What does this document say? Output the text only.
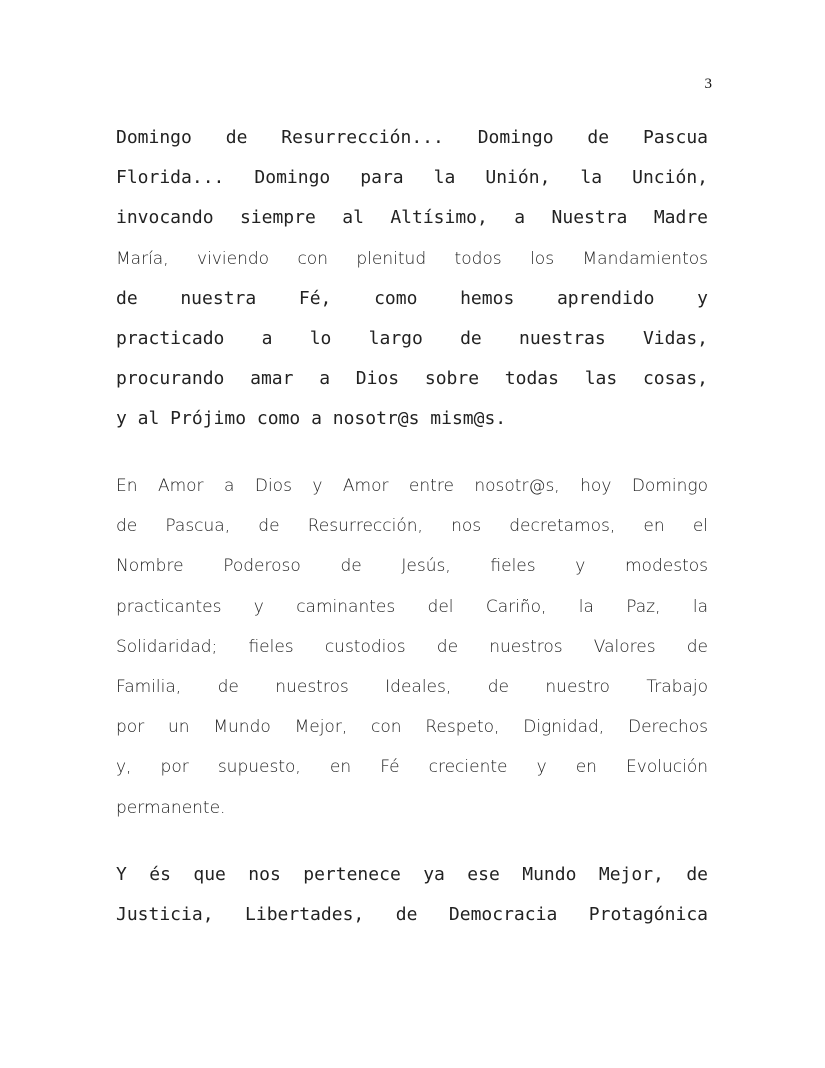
3
Domingo de Resurrección... Domingo de Pascua
Florida... Domingo para la Unión, la Unción,
invocando siempre al Altísimo, a Nuestra Madre
María, viviendo con plenitud todos los Mandamientos
de nuestra Fé, como hemos aprendido y
practicado a lo largo de nuestras Vidas,
procurando amar a Dios sobre todas las cosas,
y al Prójimo como a nosotr@s mism@s.
En Amor a Dios y Amor entre nosotr@s, hoy Domingo
de Pascua, de Resurrección, nos decretamos, en el
Nombre Poderoso de Jesús, fieles y modestos
practicantes y caminantes del Cariño, la Paz, la
Solidaridad; fieles custodios de nuestros Valores de
Familia, de nuestros Ideales, de nuestro Trabajo
por un Mundo Mejor, con Respeto, Dignidad, Derechos
y, por supuesto, en Fé creciente y en Evolución
permanente.
Y és que nos pertenece ya ese Mundo Mejor, de
Justicia, Libertades, de Democracia Protagónica
